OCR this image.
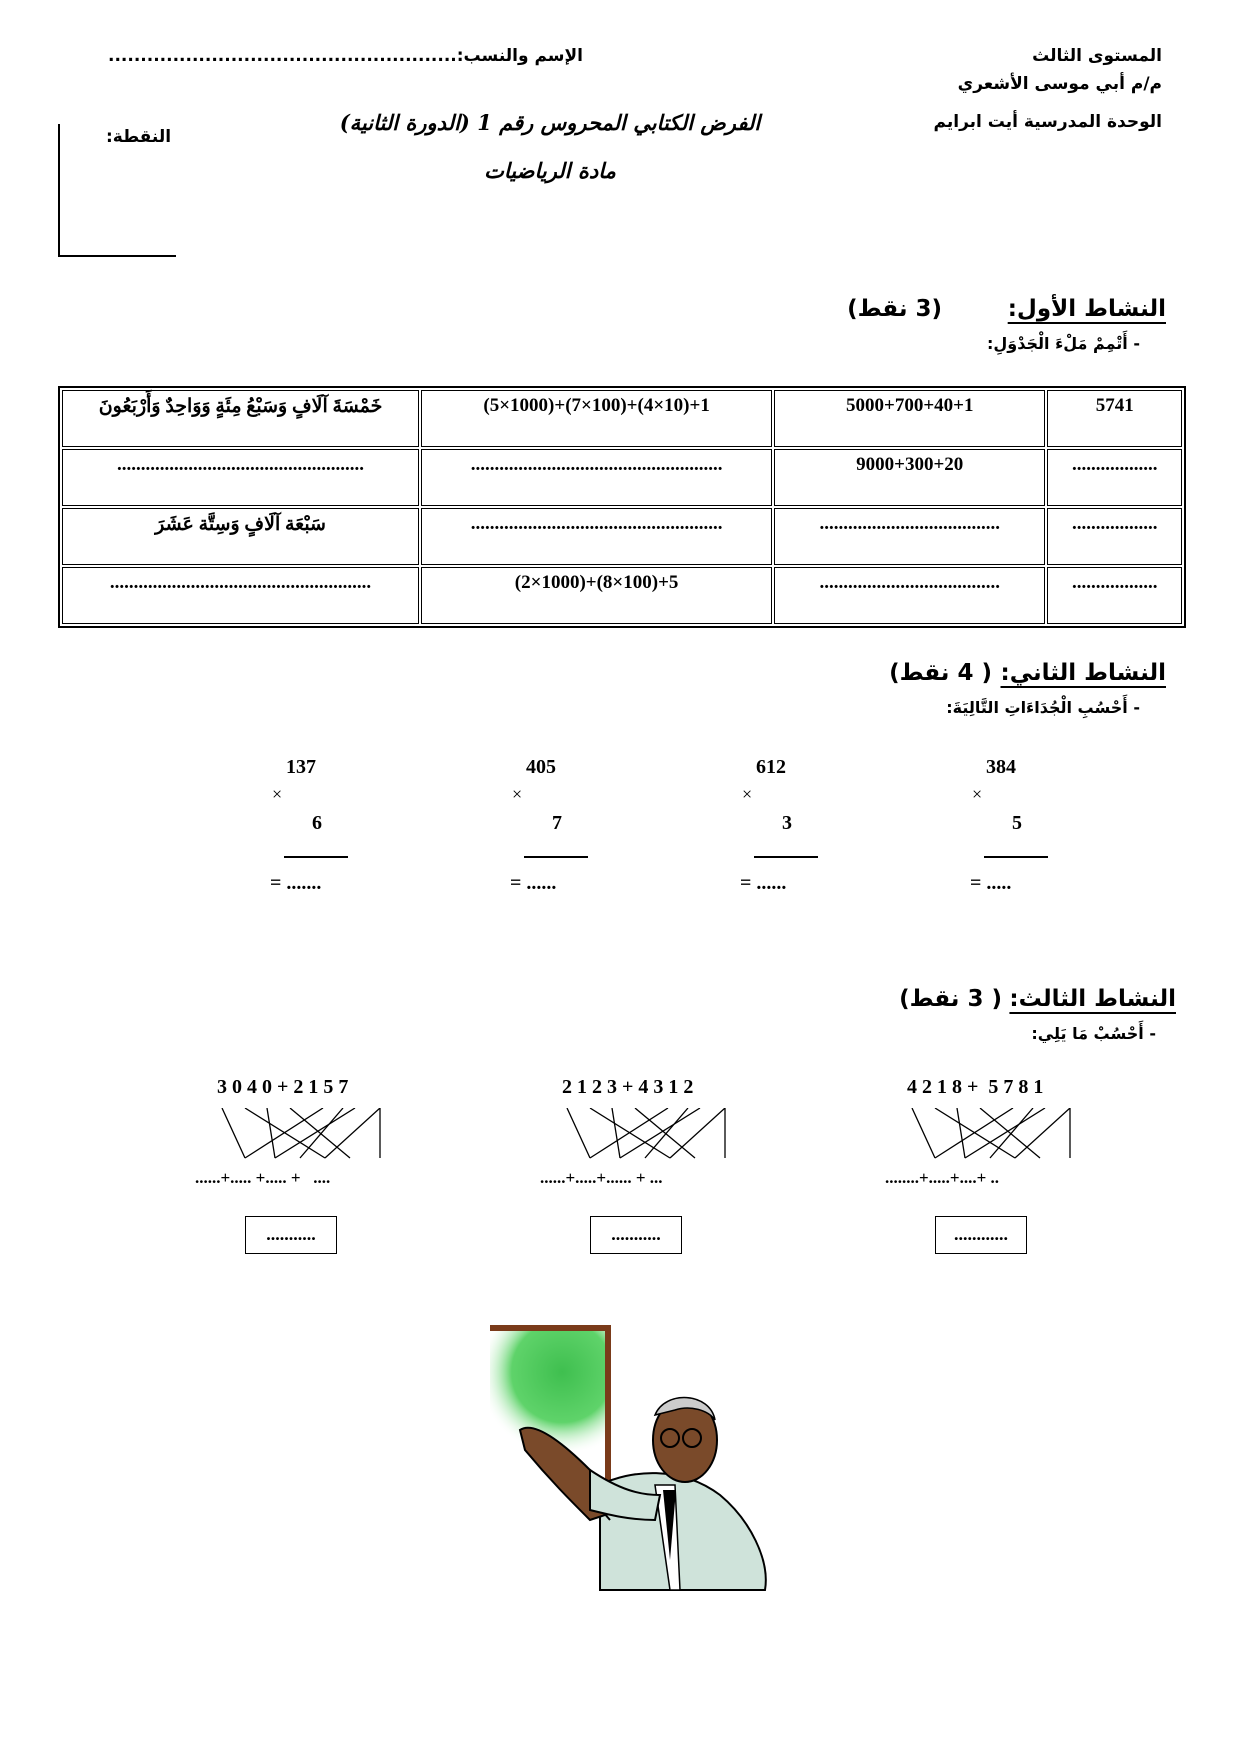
المستوى الثالث
م/م أبي موسى الأشعري
الوحدة المدرسية أيت ابرايم
الإسم والنسب:......................................................
النقطة:
الفرض الكتابي المحروس رقم 1 (الدورة الثانية)
مادة الرياضيات
النشاط الأول:
(3 نقط)
- أَتْمِمْ مَلْءَ الْجَدْوَلِ:
خَمْسَةَ آلَافٍ وَسَبْعُ مِئَةٍ وَوَاحِدٌ وَأَرْبَعُونَ	(5×1000)+(7×100)+(4×10)+1	5000+700+40+1	5741
....................................................	.....................................................	9000+300+20	..................
سَبْعَة آلَافٍ وَسِتَّة عَشَرَ	.....................................................	......................................	..................
.......................................................	(2×1000)+(8×100)+5	......................................	..................
النشاط الثاني:
( 4 نقط)
- أَحْسُبِ الْجُدَاءَاتِ التَّالِيَةَ:
384
×
5
= .....
612
×
3
= ......
405
×
7
= ......
137
×
6
= .......
النشاط الثالث:
( 3 نقط)
- أَحْسُبْ مَا يَلِي:
4 2 1 8 +  5 7 8 1
........+.....+....+ ..
............
2 1 2 3 + 4 3 1 2
......+.....+...... + ...
...........
3 0 4 0 + 2 1 5 7
......+..... +..... +   ....
...........
